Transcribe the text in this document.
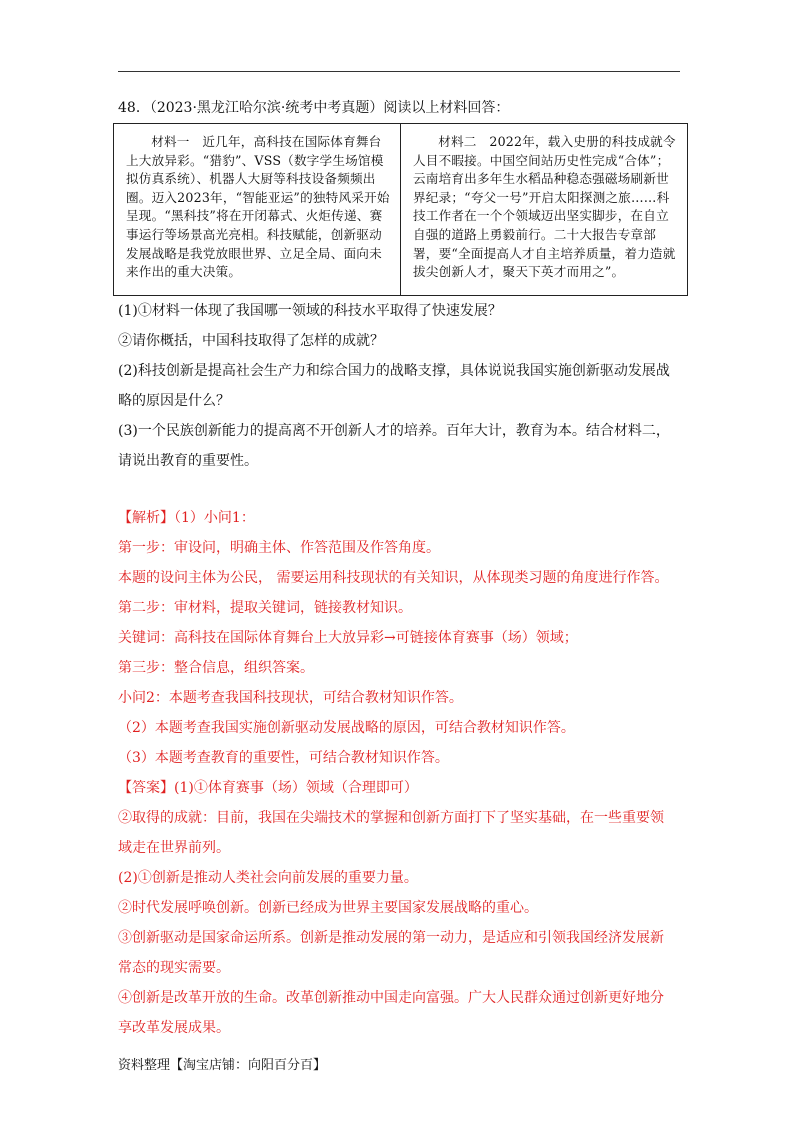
48．（2023·黑龙江哈尔滨·统考中考真题）阅读以上材料回答：
材料一　近几年，高科技在国际体育舞台上大放异彩。“猎豹”、VSS（数字学生场馆模拟仿真系统）、机器人大厨等科技设备频频出圈。迈入2023年，“智能亚运”的独特风采开始呈现。“黑科技”将在开闭幕式、火炬传递、赛事运行等场景高光亮相。科技赋能，创新驱动发展战略是我党放眼世界、立足全局、面向未来作出的重大决策。	材料二　2022年，载入史册的科技成就令人目不暇接。中国空间站历史性完成“合体”；云南培育出多年生水稻品种稳态强磁场刷新世界纪录；“夸父一号”开启太阳探测之旅……科技工作者在一个个领域迈出坚实脚步，在自立自强的道路上勇毅前行。二十大报告专章部署，要“全面提高人才自主培养质量，着力造就拔尖创新人才，聚天下英才而用之”。
(1)①材料一体现了我国哪一领域的科技水平取得了快速发展？
②请你概括，中国科技取得了怎样的成就？
(2)科技创新是提高社会生产力和综合国力的战略支撑，具体说说我国实施创新驱动发展战
略的原因是什么？
(3)一个民族创新能力的提高离不开创新人才的培养。百年大计，教育为本。结合材料二，
请说出教育的重要性。
【解析】（1）小问1：
第一步：审设问，明确主体、作答范围及作答角度。
本题的设问主体为公民， 需要运用科技现状的有关知识，从体现类习题的角度进行作答。
第二步：审材料，提取关键词，链接教材知识。
关键词：高科技在国际体育舞台上大放异彩→可链接体育赛事（场）领域；
第三步：整合信息，组织答案。
小问2：本题考查我国科技现状，可结合教材知识作答。
（2）本题考查我国实施创新驱动发展战略的原因，可结合教材知识作答。
（3）本题考查教育的重要性，可结合教材知识作答。
【答案】(1)①体育赛事（场）领域（合理即可）
②取得的成就：目前，我国在尖端技术的掌握和创新方面打下了坚实基础，在一些重要领
域走在世界前列。
(2)①创新是推动人类社会向前发展的重要力量。
②时代发展呼唤创新。创新已经成为世界主要国家发展战略的重心。
③创新驱动是国家命运所系。创新是推动发展的第一动力，是适应和引领我国经济发展新
常态的现实需要。
④创新是改革开放的生命。改革创新推动中国走向富强。广大人民群众通过创新更好地分
享改革发展成果。
资料整理【淘宝店铺：向阳百分百】
